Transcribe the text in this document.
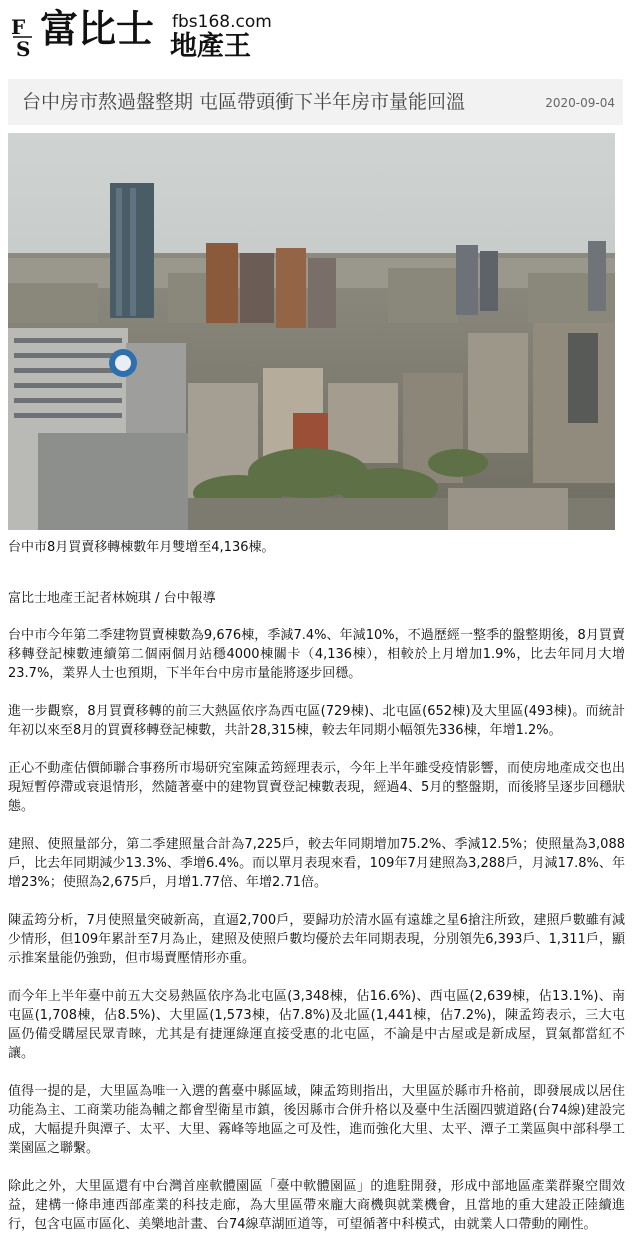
F
S 富比士 fbs168.com
地產王
台中房市熬過盤整期 屯區帶頭衝下半年房市量能回溫	2020-09-04
台中市8月買賣移轉棟數年月雙增至4,136棟。
富比士地產王記者林婉琪 / 台中報導

台中市今年第二季建物買賣棟數為9,676棟，季減7.4%、年減10%，不過歷經一整季的盤整期後，8月買賣移轉登記棟數連續第二個兩個月站穩4000棟關卡（4,136棟），相較於上月增加1.9%，比去年同月大增23.7%，業界人士也預期，下半年台中房市量能將逐步回穩。

進一步觀察，8月買賣移轉的前三大熱區依序為西屯區(729棟)、北屯區(652棟)及大里區(493棟)。而統計年初以來至8月的買賣移轉登記棟數，共計28,315棟，較去年同期小幅領先336棟，年增1.2%。

正心不動產估價師聯合事務所市場研究室陳孟筠經理表示，今年上半年雖受疫情影響，而使房地產成交也出現短暫停滯或衰退情形，然隨著臺中的建物買賣登記棟數表現，經過4、5月的整盤期，而後將呈逐步回穩狀態。

建照、使照量部分，第二季建照量合計為7,225戶，較去年同期增加75.2%、季減12.5%；使照量為3,088戶，比去年同期減少13.3%、季增6.4%。而以單月表現來看，109年7月建照為3,288戶，月減17.8%、年增23%；使照為2,675戶，月增1.77倍、年增2.71倍。

陳孟筠分析，7月使照量突破新高，直逼2,700戶，要歸功於清水區有遠雄之星6搶注所致，建照戶數雖有減少情形，但109年累計至7月為止，建照及使照戶數均優於去年同期表現，分別領先6,393戶、1,311戶，顯示推案量能仍強勁，但市場賣壓情形亦重。

而今年上半年臺中前五大交易熱區依序為北屯區(3,348棟，佔16.6%)、西屯區(2,639棟，佔13.1%)、南屯區(1,708棟，佔8.5%)、大里區(1,573棟，佔7.8%)及北區(1,441棟，佔7.2%)，陳孟筠表示，三大屯區仍備受購屋民眾青睞，尤其是有捷運綠運直接受惠的北屯區，不論是中古屋或是新成屋，買氣都當紅不讓。

值得一提的是，大里區為唯一入選的舊臺中縣區域，陳孟筠則指出，大里區於縣市升格前，即發展成以居住功能為主、工商業功能為輔之都會型衛星市鎮，後因縣市合併升格以及臺中生活圈四號道路(台74線)建設完成，大幅提升與潭子、太平、大里、霧峰等地區之可及性，進而強化大里、太平、潭子工業區與中部科學工業園區之聯繫。

除此之外，大里區還有中台灣首座軟體園區「臺中軟體園區」的進駐開發，形成中部地區產業群聚空間效益，建構一條串連西部產業的科技走廊，為大里區帶來龐大商機與就業機會，且當地的重大建設正陸續進行，包含屯區市區化、美樂地計畫、台74線草湖匝道等，可望循著中科模式，由就業人口帶動的剛性。
